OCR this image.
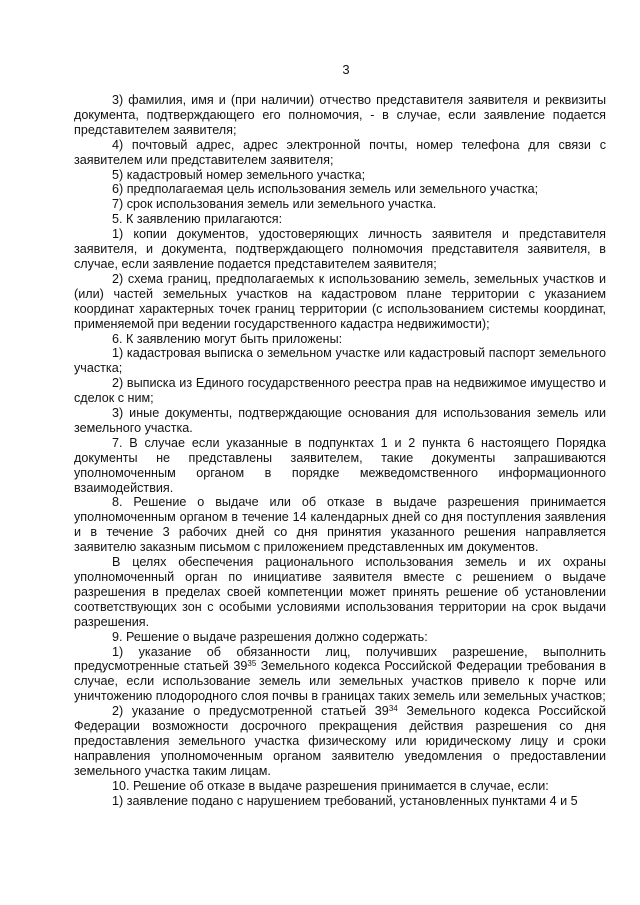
3

3) фамилия, имя и (при наличии) отчество представителя заявителя и реквизиты документа, подтверждающего его полномочия, - в случае, если заявление подается представителем заявителя;

4) почтовый адрес, адрес электронной почты, номер телефона для связи с заявителем или представителем заявителя;

5) кадастровый номер земельного участка;

6) предполагаемая цель использования земель или земельного участка;

7) срок использования земель или земельного участка.

5. К заявлению прилагаются:

1) копии документов, удостоверяющих личность заявителя и представителя заявителя, и документа, подтверждающего полномочия представителя заявителя, в случае, если заявление подается представителем заявителя;

2) схема границ, предполагаемых к использованию земель, земельных участков и (или) частей земельных участков на кадастровом плане территории с указанием координат характерных точек границ территории (с использованием системы координат, применяемой при ведении государственного кадастра недвижимости);

6. К заявлению могут быть приложены:

1) кадастровая выписка о земельном участке или кадастровый паспорт земельного участка;

2) выписка из Единого государственного реестра прав на недвижимое имущество и сделок с ним;

3) иные документы, подтверждающие основания для использования земель или земельного участка.

7. В случае если указанные в подпунктах 1 и 2 пункта 6 настоящего Порядка документы не представлены заявителем, такие документы запрашиваются уполномоченным органом в порядке межведомственного информационного взаимодействия.

8. Решение о выдаче или об отказе в выдаче разрешения принимается уполномоченным органом в течение 14 календарных дней со дня поступления заявления и в течение 3 рабочих дней со дня принятия указанного решения направляется заявителю заказным письмом с приложением представленных им документов.

В целях обеспечения рационального использования земель и их охраны уполномоченный орган по инициативе заявителя вместе с решением о выдаче разрешения в пределах своей компетенции может принять решение об установлении соответствующих зон с особыми условиями использования территории на срок выдачи разрешения.

9. Решение о выдаче разрешения должно содержать:

1) указание об обязанности лиц, получивших разрешение, выполнить предусмотренные статьей $39^{35}$ Земельного кодекса Российской Федерации требования в случае, если использование земель или земельных участков привело к порче или уничтожению плодородного слоя почвы в границах таких земель или земельных участков;

2) указание о предусмотренной статьей $39^{34}$ Земельного кодекса Российской Федерации возможности досрочного прекращения действия разрешения со дня предоставления земельного участка физическому или юридическому лицу и сроки направления уполномоченным органом заявителю уведомления о предоставлении земельного участка таким лицам.

10. Решение об отказе в выдаче разрешения принимается в случае, если:

1) заявление подано с нарушением требований, установленных пунктами 4 и 5
